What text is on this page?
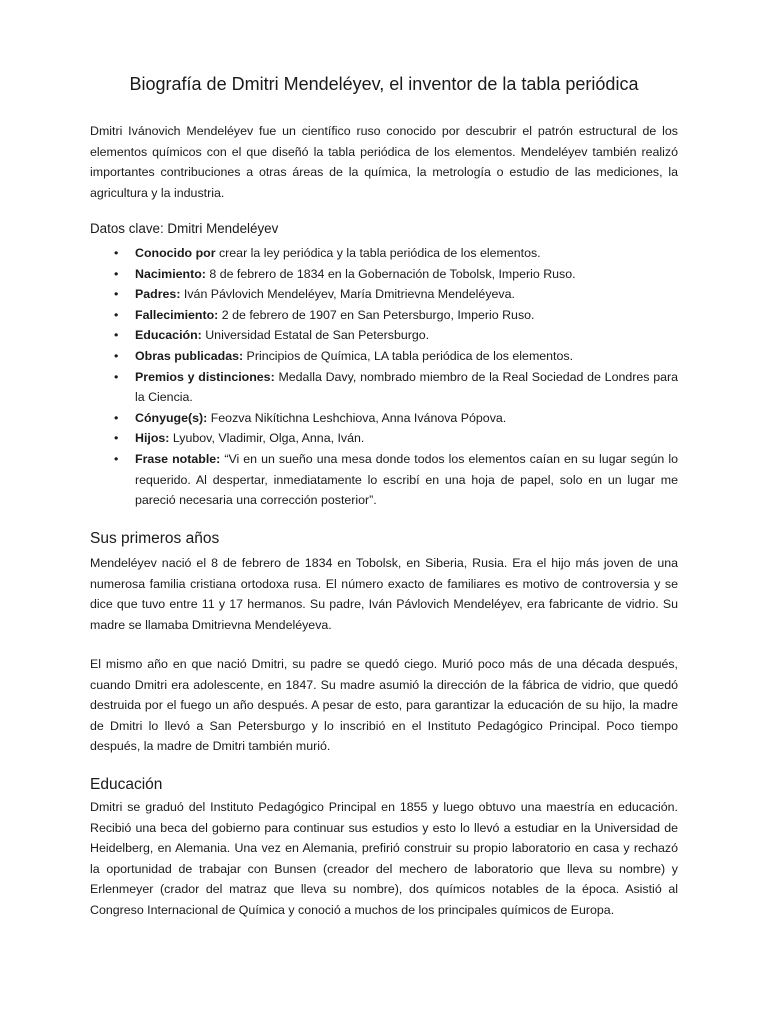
Biografía de Dmitri Mendeléyev, el inventor de la tabla periódica

Dmitri Ivánovich Mendeléyev fue un científico ruso conocido por descubrir el patrón estructural de los elementos químicos con el que diseñó la tabla periódica de los elementos. Mendeléyev también realizó importantes contribuciones a otras áreas de la química, la metrología o estudio de las mediciones, la agricultura y la industria.

Datos clave: Dmitri Mendeléyev
• Conocido por crear la ley periódica y la tabla periódica de los elementos.
• Nacimiento: 8 de febrero de 1834 en la Gobernación de Tobolsk, Imperio Ruso.
• Padres: Iván Pávlovich Mendeléyev, María Dmitrievna Mendeléyeva.
• Fallecimiento: 2 de febrero de 1907 en San Petersburgo, Imperio Ruso.
• Educación: Universidad Estatal de San Petersburgo.
• Obras publicadas: Principios de Química, LA tabla periódica de los elementos.
• Premios y distinciones: Medalla Davy, nombrado miembro de la Real Sociedad de Londres para la Ciencia.
• Cónyuge(s): Feozva Nikítichna Leshchiova, Anna Ivánova Pópova.
• Hijos: Lyubov, Vladimir, Olga, Anna, Iván.
• Frase notable: “Vi en un sueño una mesa donde todos los elementos caían en su lugar según lo requerido. Al despertar, inmediatamente lo escribí en una hoja de papel, solo en un lugar me pareció necesaria una corrección posterior”.
Sus primeros años

Mendeléyev nació el 8 de febrero de 1834 en Tobolsk, en Siberia, Rusia. Era el hijo más joven de una numerosa familia cristiana ortodoxa rusa. El número exacto de familiares es motivo de controversia y se dice que tuvo entre 11 y 17 hermanos. Su padre, Iván Pávlovich Mendeléyev, era fabricante de vidrio. Su madre se llamaba Dmitrievna Mendeléyeva.

El mismo año en que nació Dmitri, su padre se quedó ciego. Murió poco más de una década después, cuando Dmitri era adolescente, en 1847. Su madre asumió la dirección de la fábrica de vidrio, que quedó destruida por el fuego un año después. A pesar de esto, para garantizar la educación de su hijo, la madre de Dmitri lo llevó a San Petersburgo y lo inscribió en el Instituto Pedagógico Principal. Poco tiempo después, la madre de Dmitri también murió.

Educación

Dmitri se graduó del Instituto Pedagógico Principal en 1855 y luego obtuvo una maestría en educación. Recibió una beca del gobierno para continuar sus estudios y esto lo llevó a estudiar en la Universidad de Heidelberg, en Alemania. Una vez en Alemania, prefirió construir su propio laboratorio en casa y rechazó la oportunidad de trabajar con Bunsen (creador del mechero de laboratorio que lleva su nombre) y Erlenmeyer (crador del matraz que lleva su nombre), dos químicos notables de la época. Asistió al Congreso Internacional de Química y conoció a muchos de los principales químicos de Europa.
